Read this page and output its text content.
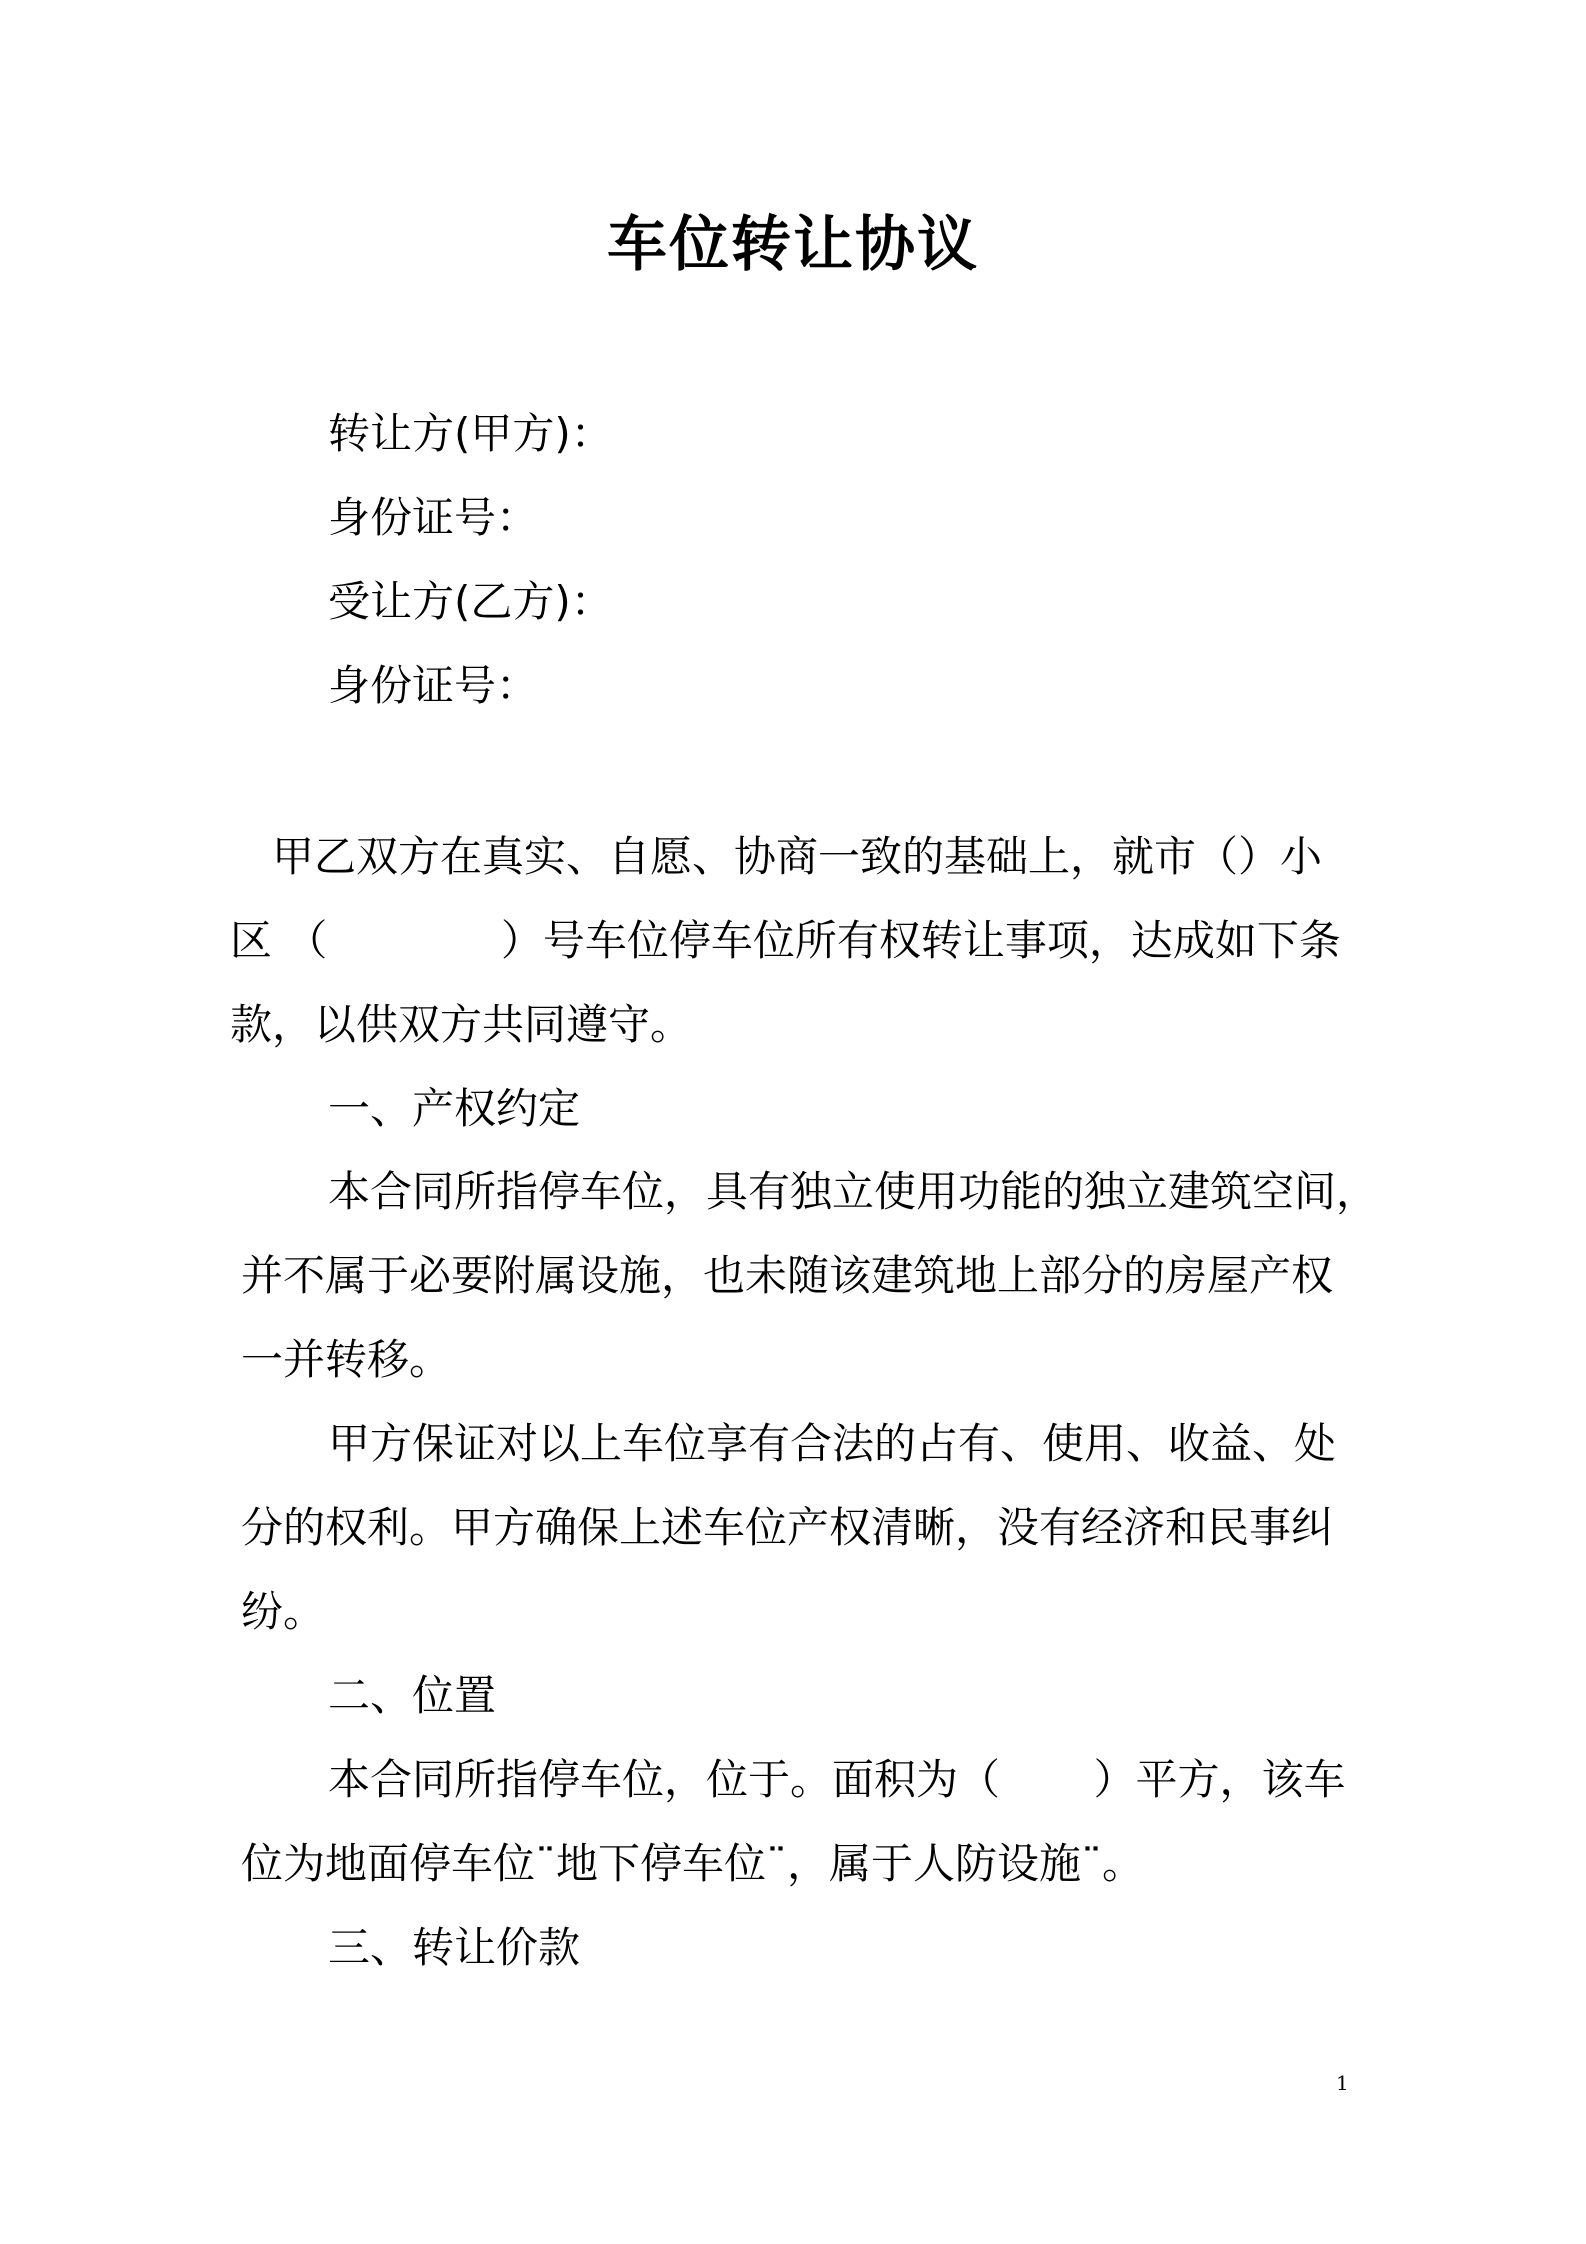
车位转让协议
转让方(甲方)：
身份证号：
受让方(乙方)：
身份证号：
甲乙双方在真实、自愿、协商一致的基础上，就市（）小
区 （             ）号车位停车位所有权转让事项，达成如下条
款，以供双方共同遵守。
一、产权约定
本合同所指停车位，具有独立使用功能的独立建筑空间，
并不属于必要附属设施，也未随该建筑地上部分的房屋产权
一并转移。
甲方保证对以上车位享有合法的占有、使用、收益、处
分的权利。甲方确保上述车位产权清晰，没有经济和民事纠
纷。
二、位置
本合同所指停车位，位于。面积为（       ）平方，该车
位为地面停车位¨地下停车位¨，属于人防设施¨。
三、转让价款
1
